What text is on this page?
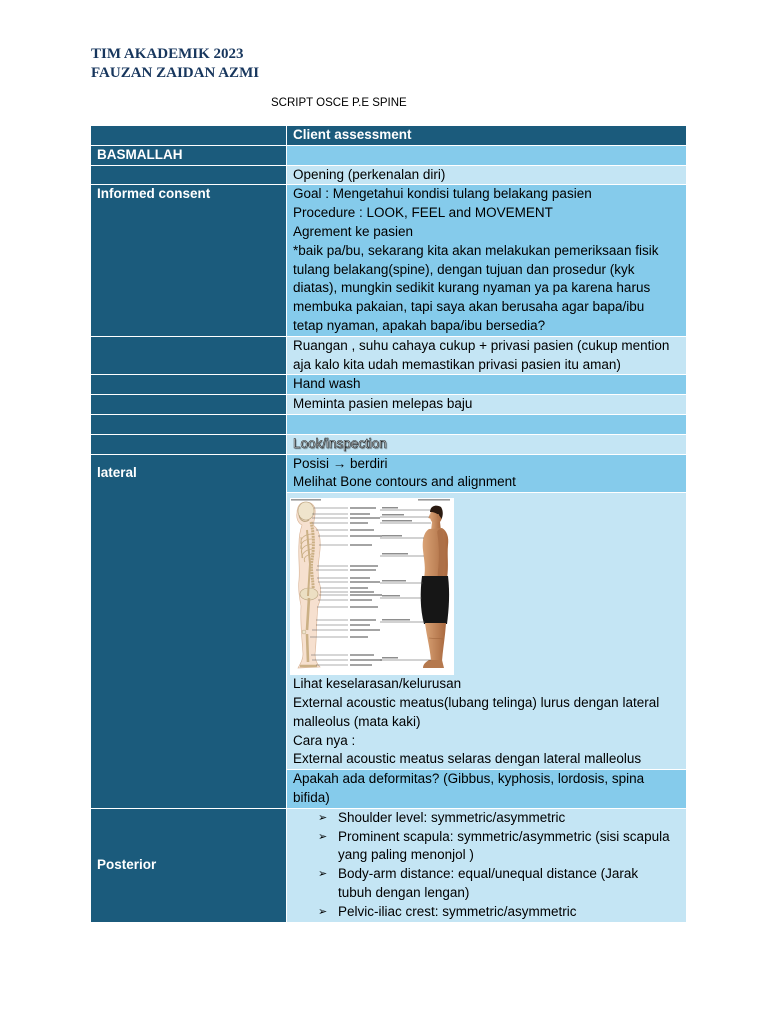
TIM AKADEMIK 2023
FAUZAN ZAIDAN AZMI
SCRIPT OSCE P.E SPINE
Client assessment
BASMALLAH
Opening (perkenalan diri)
Informed consent	Goal : Mengetahui kondisi tulang belakang pasien
Procedure : LOOK, FEEL and MOVEMENT
Agrement ke pasien
*baik pa/bu, sekarang kita akan melakukan pemeriksaan fisik
tulang belakang(spine), dengan tujuan dan prosedur (kyk
diatas), mungkin sedikit kurang nyaman ya pa karena harus
membuka pakaian, tapi saya akan berusaha agar bapa/ibu
tetap nyaman, apakah bapa/ibu bersedia?
Ruangan , suhu cahaya cukup + privasi pasien (cukup mention
aja kalo kita udah memastikan privasi pasien itu aman)
Hand wash
Meminta pasien melepas baju
Look/inspection
lateral
Posisi → berdiri
Melihat Bone contours and alignment
Lihat keselarasan/kelurusan
External acoustic meatus(lubang telinga) lurus dengan lateral
malleolus (mata kaki)
Cara nya :
External acoustic meatus selaras dengan lateral malleolus
Apakah ada deformitas? (Gibbus, kyphosis, lordosis, spina
bifida)
Posterior
➢
Shoulder level: symmetric/asymmetric
➢
Prominent scapula: symmetric/asymmetric (sisi scapula
yang paling menonjol )
➢
Body-arm distance: equal/unequal distance (Jarak
tubuh dengan lengan)
➢
Pelvic-iliac crest: symmetric/asymmetric
